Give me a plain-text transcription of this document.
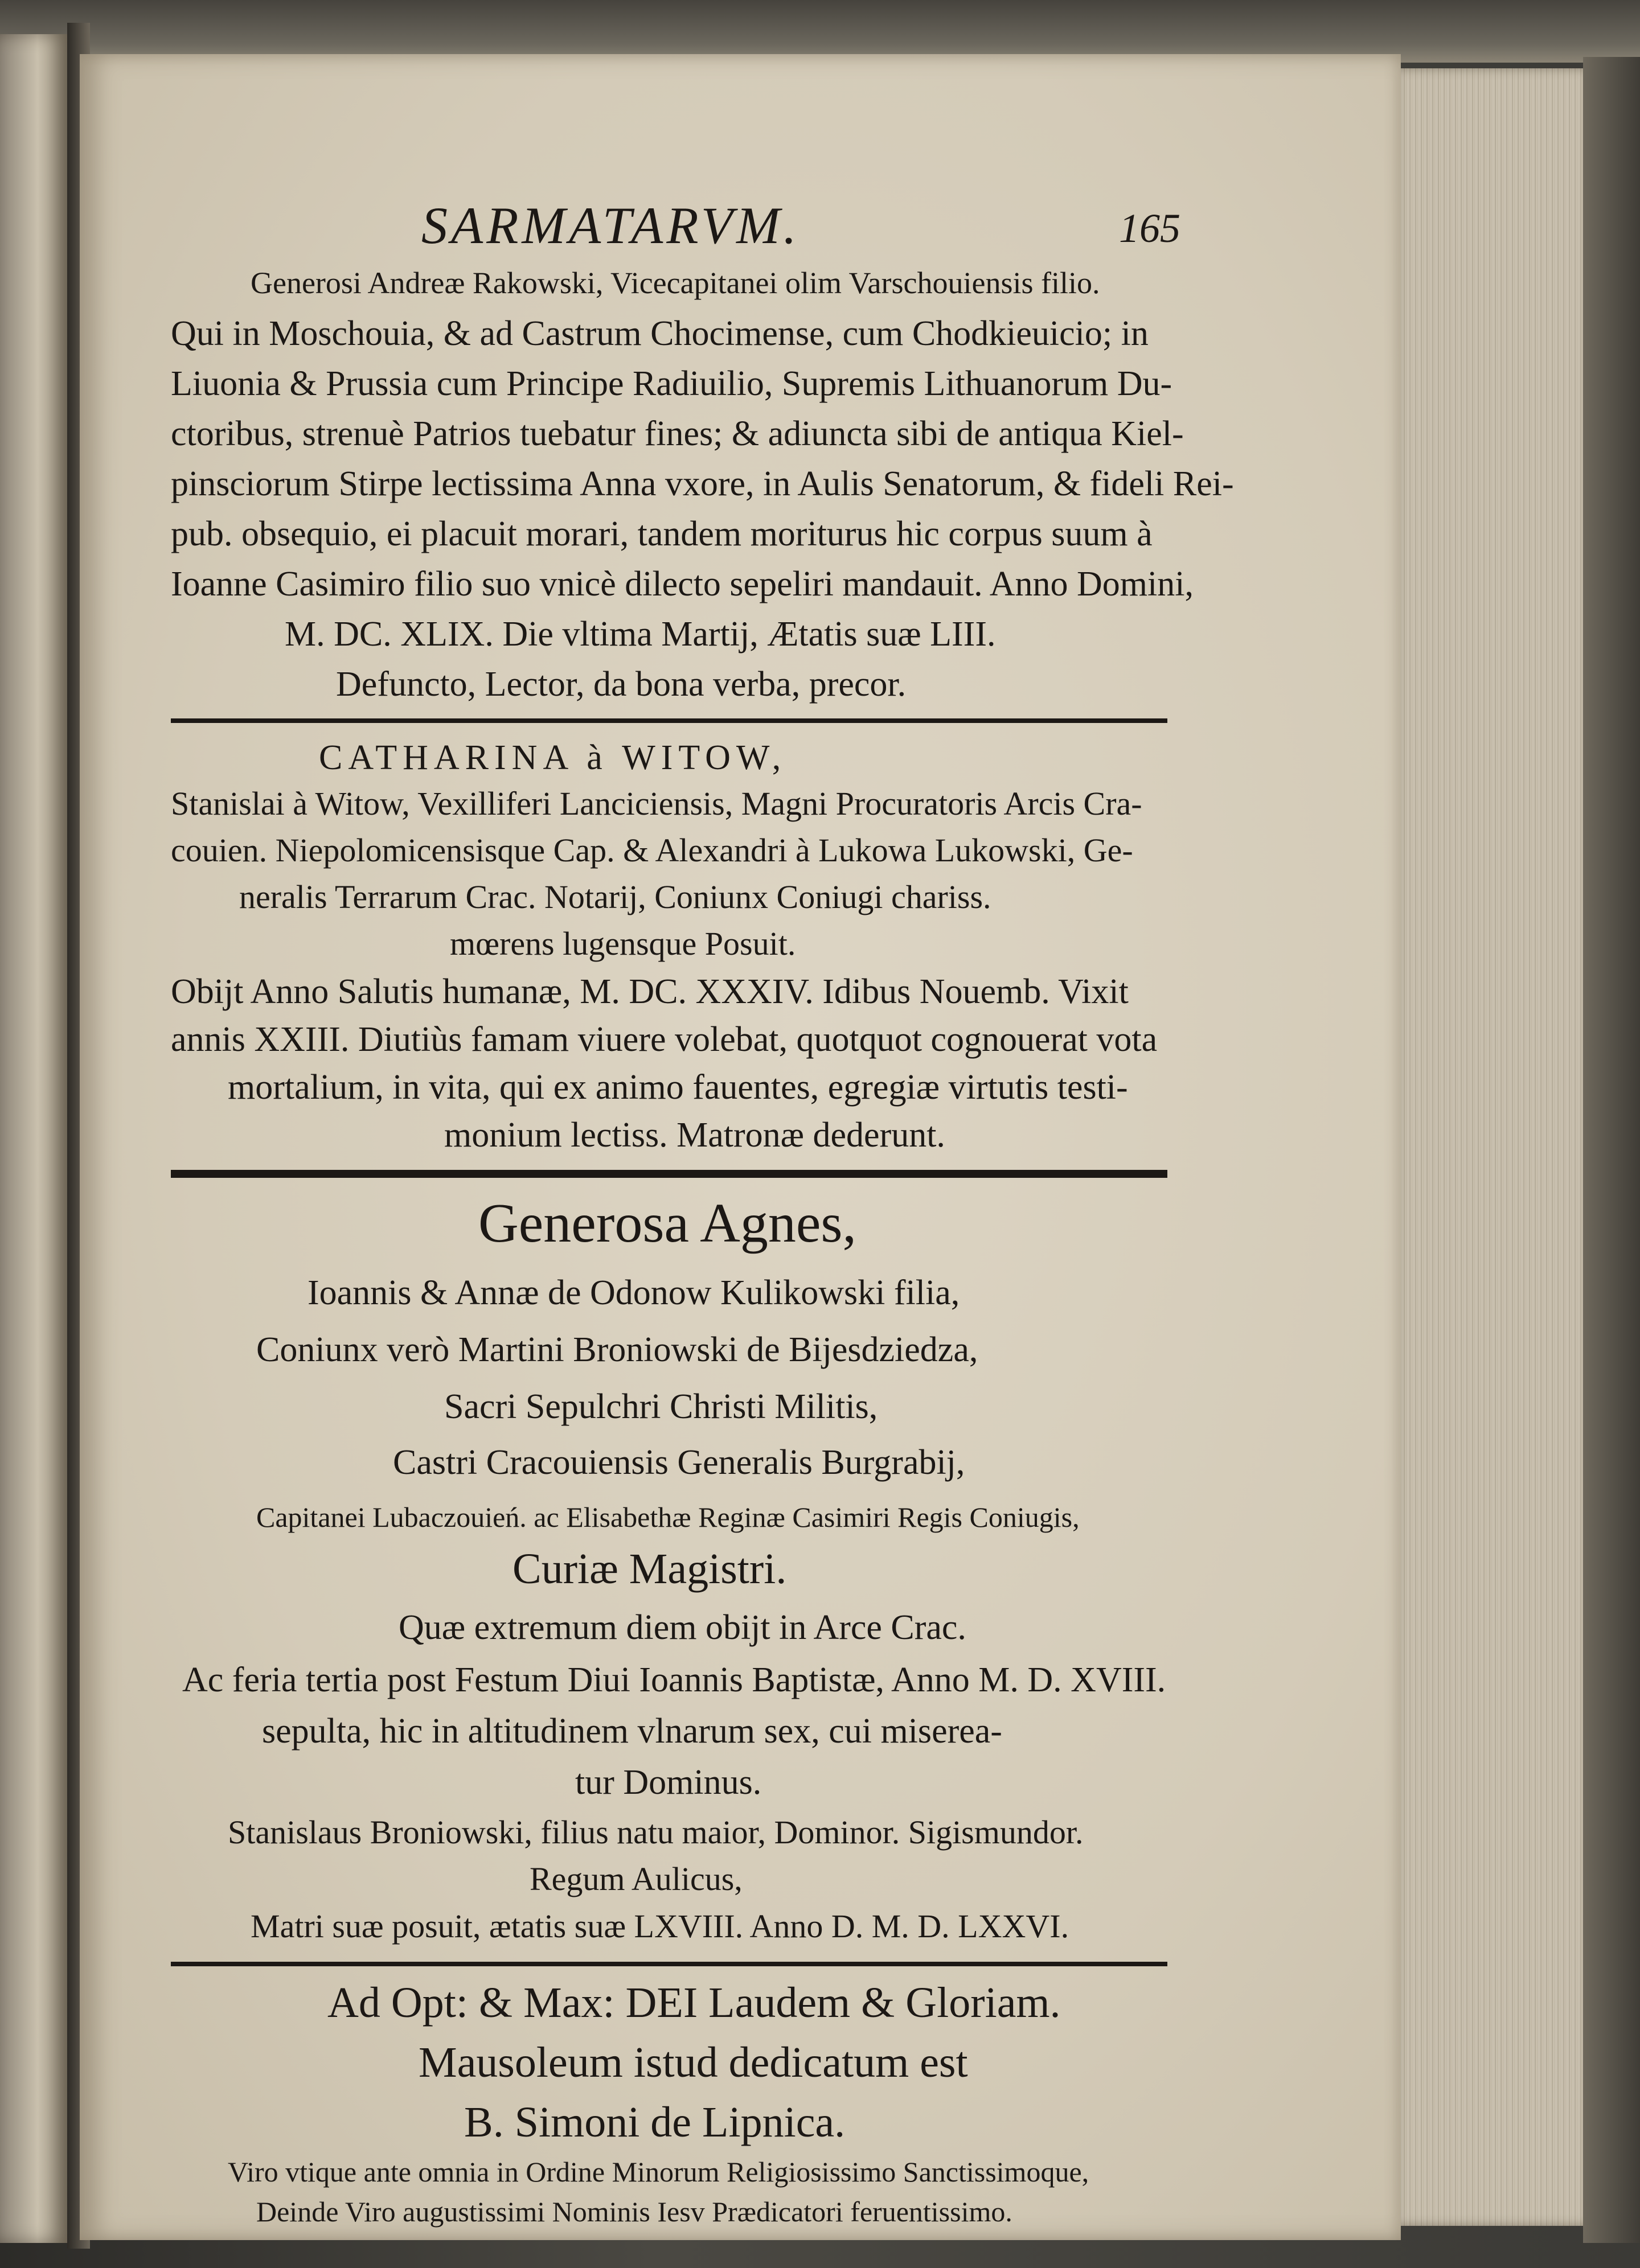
SARMATARVM.	165
Generosi Andreæ Rakowski, Vicecapitanei olim Varschouiensis filio.
Qui in Moschouia, & ad Castrum Chocimense, cum Chodkieuicio; in
Liuonia & Prussia cum Principe Radiuilio, Supremis Lithuanorum Du-
ctoribus, strenuè Patrios tuebatur fines; & adiuncta sibi de antiqua Kiel-
pinsciorum Stirpe lectissima Anna vxore, in Aulis Senatorum, & fideli Rei-
pub. obsequio, ei placuit morari, tandem moriturus hic corpus suum à
Ioanne Casimiro filio suo vnicè dilecto sepeliri mandauit. Anno Domini,
M. DC. XLIX. Die vltima Martij, Ætatis suæ LIII.
Defuncto, Lector, da bona verba, precor.
CATHARINA à WITOW,
Stanislai à Witow, Vexilliferi Lanciciensis, Magni Procuratoris Arcis Cra-
couien. Niepolomicensisque Cap. & Alexandri à Lukowa Lukowski, Ge-
neralis Terrarum Crac. Notarij, Coniunx Coniugi chariss.
mœrens lugensque Posuit.
Obijt Anno Salutis humanæ, M. DC. XXXIV. Idibus Nouemb. Vixit
annis XXIII. Diutiùs famam viuere volebat, quotquot cognouerat vota
mortalium, in vita, qui ex animo fauentes, egregiæ virtutis testi-
monium lectiss. Matronæ dederunt.
Generosa Agnes,
Ioannis & Annæ de Odonow Kulikowski filia,
Coniunx verò Martini Broniowski de Bijesdziedza,
Sacri Sepulchri Christi Militis,
Castri Cracouiensis Generalis Burgrabij,
Capitanei Lubaczouień. ac Elisabethæ Reginæ Casimiri Regis Coniugis,
Curiæ Magistri.
Quæ extremum diem obijt in Arce Crac.
Ac feria tertia post Festum Diui Ioannis Baptistæ, Anno M. D. XVIII.
sepulta, hic in altitudinem vlnarum sex, cui miserea-
tur Dominus.
Stanislaus Broniowski, filius natu maior, Dominor. Sigismundor.
Regum Aulicus,
Matri suæ posuit, ætatis suæ LXVIII. Anno D. M. D. LXXVI.
Ad Opt: & Max: DEI Laudem & Gloriam.
Mausoleum istud dedicatum est
B. Simoni de Lipnica.
Viro vtique ante omnia in Ordine Minorum Religiosissimo Sanctissimoque,
Deinde Viro augustissimi Nominis Iesv Prædicatori feruentissimo.
